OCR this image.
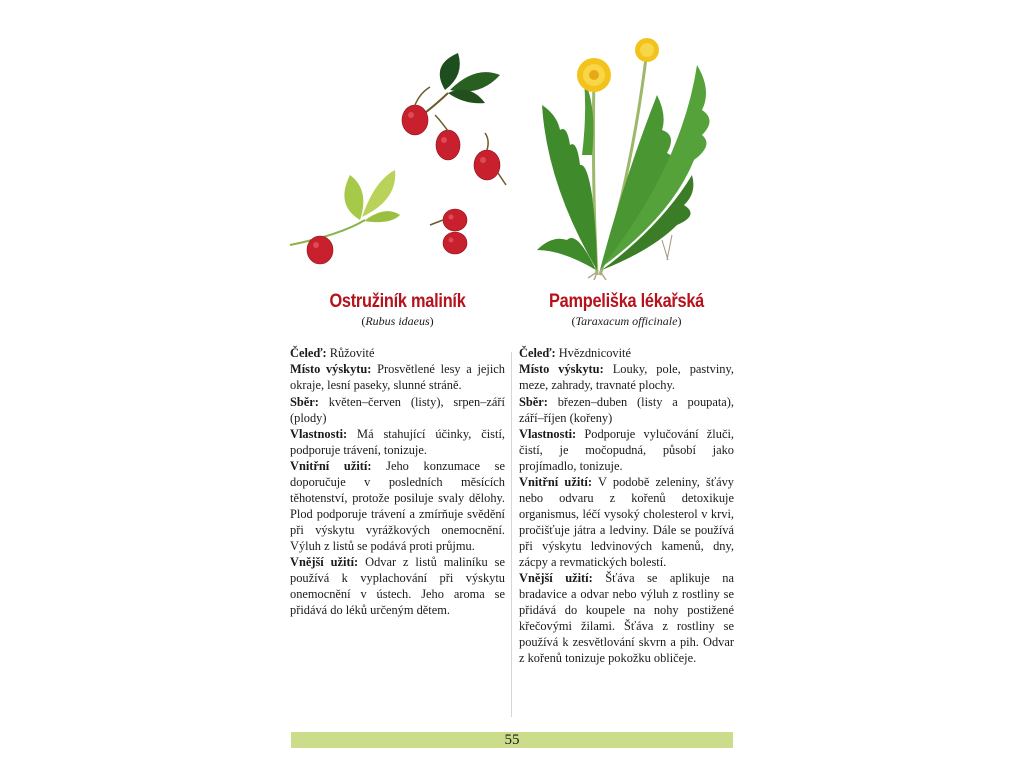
Ostružiník maliník

(Rubus idaeus)

Čeleď: Růžovité

Místo výskytu: Prosvětlené lesy a jejich okraje, lesní paseky, slunné stráně.

Sběr: květen–červen (listy), srpen–září (plody)

Vlastnosti: Má stahující účinky, čistí, podporuje trávení, tonizuje.

Vnitřní užití: Jeho konzumace se doporučuje v posledních měsících těhotenství, protože posiluje svaly dělohy. Plod podporuje trávení a zmírňuje svědění při výskytu vyrážkových onemocnění. Výluh z listů se podává proti průjmu.

Vnější užití: Odvar z listů maliníku se používá k vyplachování při výskytu onemocnění v ústech. Jeho aroma se přidává do léků určeným dětem.

Pampeliška lékařská

(Taraxacum officinale)

Čeleď: Hvězdnicovité

Místo výskytu: Louky, pole, pastviny, meze, zahrady, travnaté plochy.

Sběr: březen–duben (listy a poupata), září–říjen (kořeny)

Vlastnosti: Podporuje vylučování žluči, čistí, je močopudná, působí jako projímadlo, tonizuje.

Vnitřní užití: V podobě zeleniny, šťávy nebo odvaru z kořenů detoxikuje organismus, léčí vysoký cholesterol v krvi, pročišťuje játra a ledviny. Dále se používá při výskytu ledvinových kamenů, dny, zácpy a revmatických bolestí.

Vnější užití: Šťáva se aplikuje na bradavice a odvar nebo výluh z rostliny se přidává do koupele na nohy postižené křečovými žilami. Šťáva z rostliny se používá k zesvětlování skvrn a pih. Odvar z kořenů tonizuje pokožku obličeje.

55
